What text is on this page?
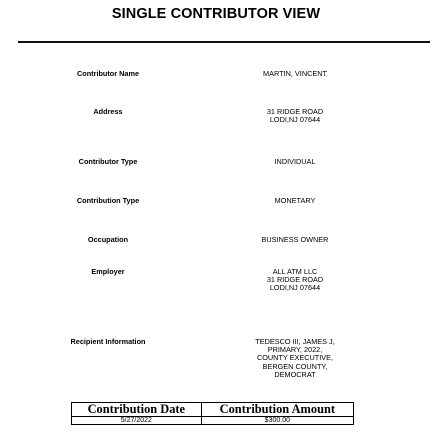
SINGLE CONTRIBUTOR VIEW
Contributor Name	MARTIN, VINCENT
Address	31 RIDGE ROAD
LODI,NJ 07644
Contributor Type	INDIVIDUAL
Contribution Type	MONETARY
Occupation	BUSINESS OWNER
Employer	ALL ATM LLC
31 RIDGE ROAD
LODI,NJ 07644
Recipient Information	TEDESCO III, JAMES J,
PRIMARY, 2022,
COUNTY EXECUTIVE,
BERGEN COUNTY,
DEMOCRAT
Contribution Date	Contribution Amount
5/27/2022	$300.00
